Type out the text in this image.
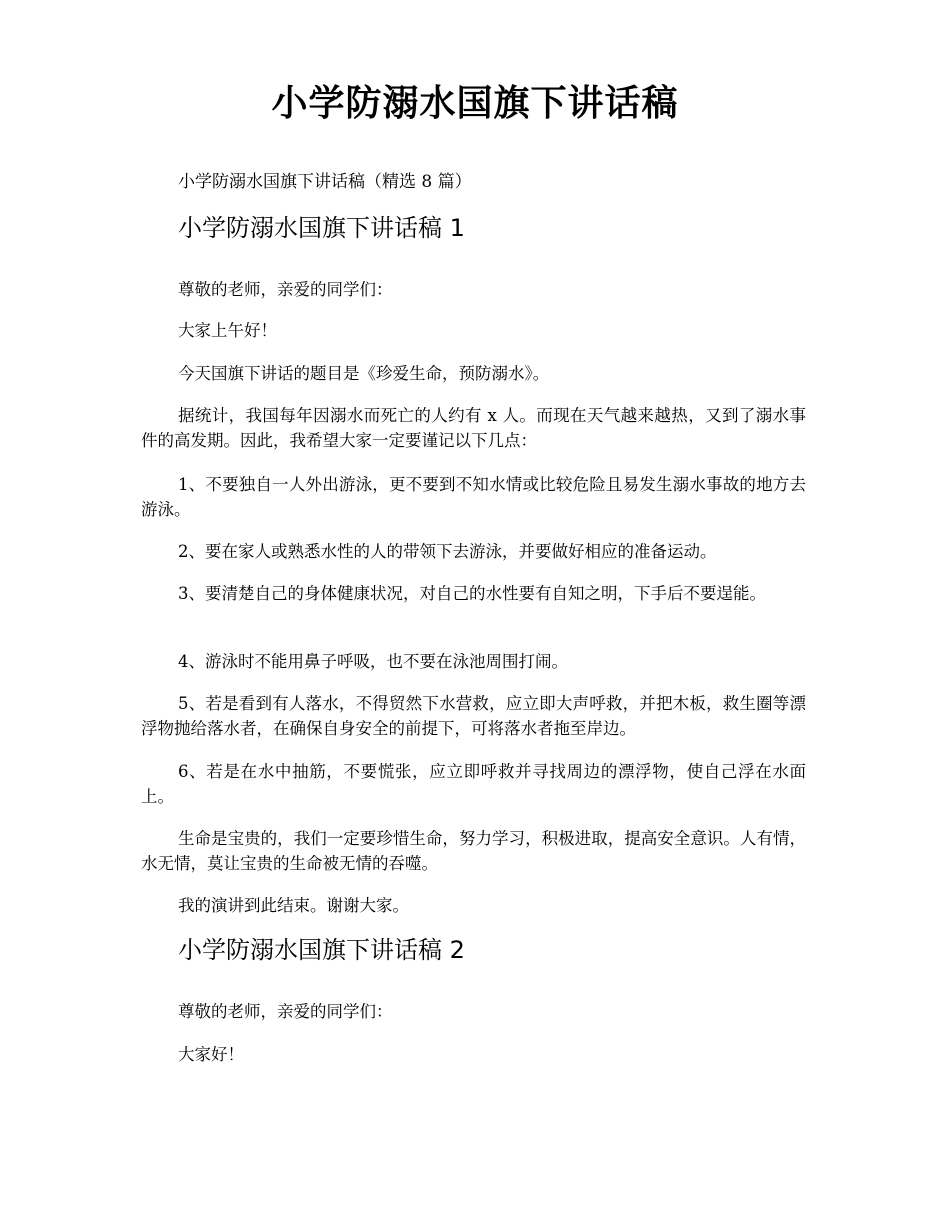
小学防溺水国旗下讲话稿

小学防溺水国旗下讲话稿（精选 8 篇）

小学防溺水国旗下讲话稿 1

尊敬的老师，亲爱的同学们：

大家上午好！

今天国旗下讲话的题目是《珍爱生命，预防溺水》。

据统计，我国每年因溺水而死亡的人约有 x 人。而现在天气越来越热，又到了溺水事件的高发期。因此，我希望大家一定要谨记以下几点：

1、不要独自一人外出游泳，更不要到不知水情或比较危险且易发生溺水事故的地方去游泳。

2、要在家人或熟悉水性的人的带领下去游泳，并要做好相应的准备运动。

3、要清楚自己的身体健康状况，对自己的水性要有自知之明，下手后不要逞能。

4、游泳时不能用鼻子呼吸，也不要在泳池周围打闹。

5、若是看到有人落水，不得贸然下水营救，应立即大声呼救，并把木板，救生圈等漂浮物抛给落水者，在确保自身安全的前提下，可将落水者拖至岸边。

6、若是在水中抽筋，不要慌张，应立即呼救并寻找周边的漂浮物，使自己浮在水面上。

生命是宝贵的，我们一定要珍惜生命，努力学习，积极进取，提高安全意识。人有情，水无情，莫让宝贵的生命被无情的吞噬。

我的演讲到此结束。谢谢大家。

小学防溺水国旗下讲话稿 2

尊敬的老师，亲爱的同学们：

大家好！
